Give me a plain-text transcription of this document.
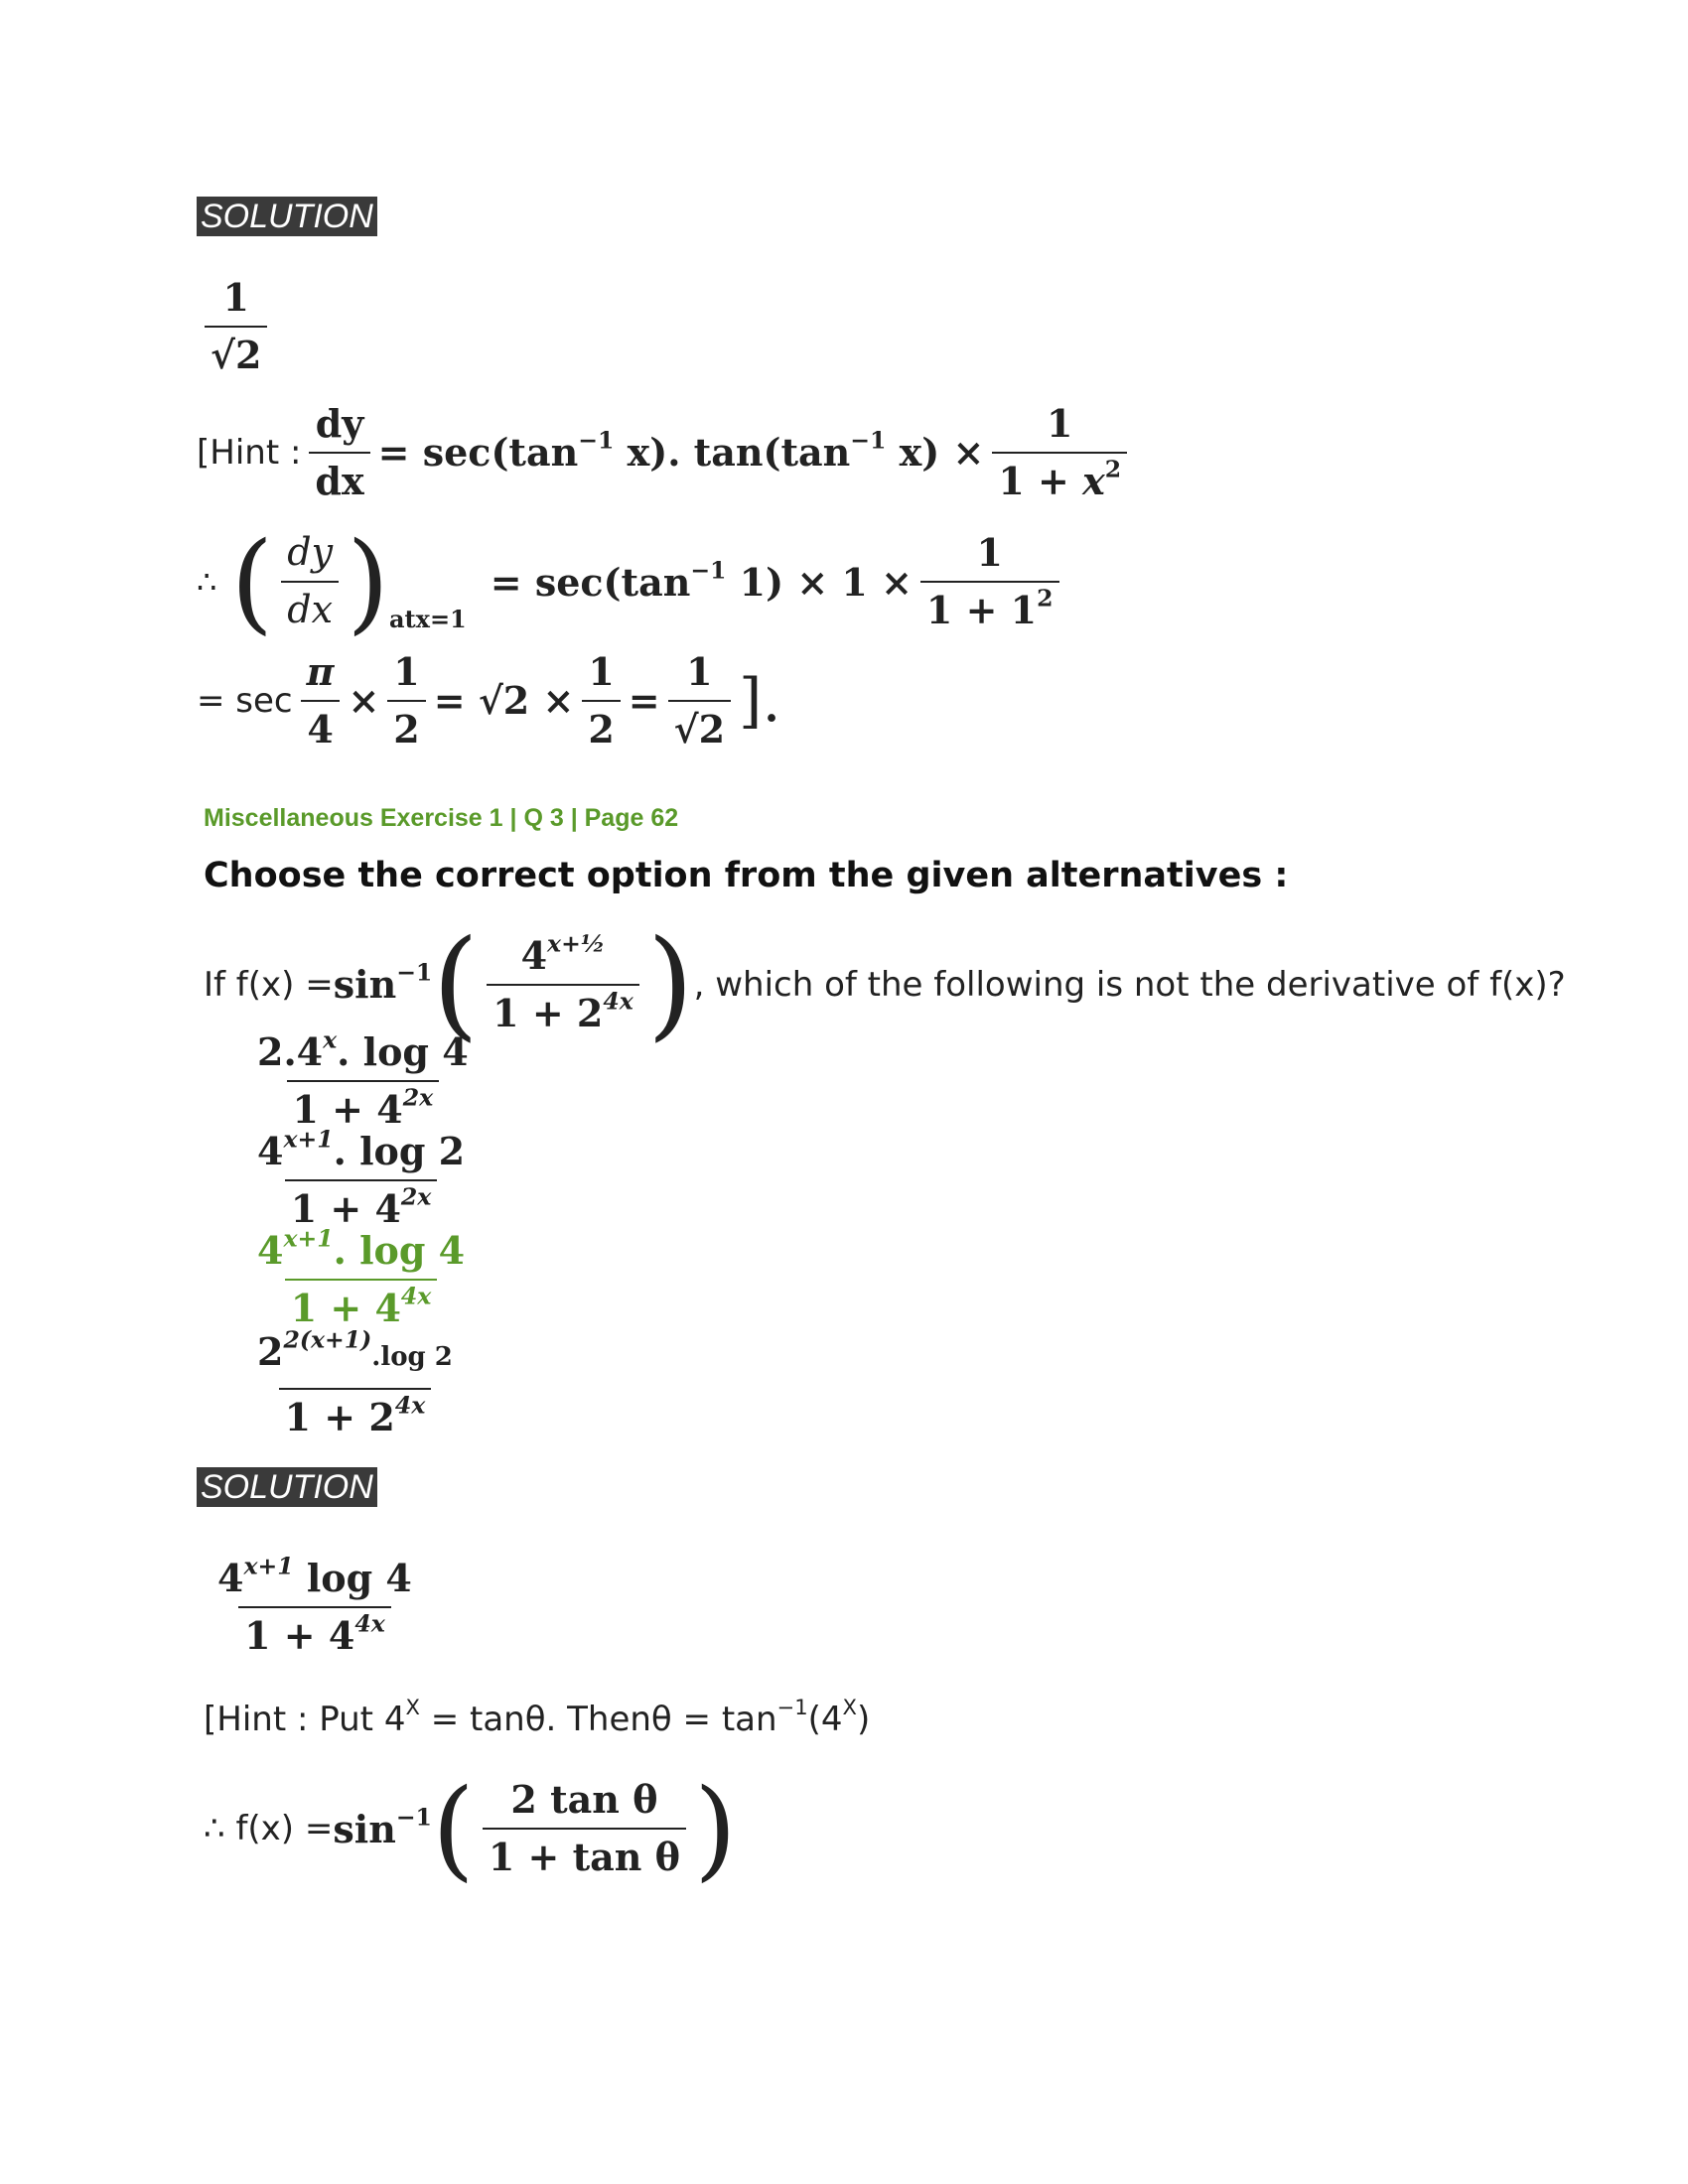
SOLUTION
$\frac{1}{√2}$
[Hint : $\frac{dy}{dx} = \sec(\tan^{-1}$ x). $\tan(\tan^{-1}$ $x) \times \frac{1}{1 + x^2}$
∴ ( $\frac{dy}{dx}$ ) atx=1
= $\sec(\tan^{-1}$ $1) \times 1 \times \frac{1}{1 + 1^2}$
= $\sec \frac{\pi}{4} \times \frac{1}{2} = √2 \times \frac{1}{2} = \frac{1}{√2}$ ].
Miscellaneous Exercise 1 | Q 3 | Page 62
Choose the correct option from the given alternatives :
If $f(x) = \sin^{-1}$ ( $\frac{4^{x+\frac{1}{2}}}{1 + 2^{4x}}$ ) , which of the following is not the derivative of f(x)?
$\frac{2.4^x. \log 4}{1 + 4^{2x}}$
$\frac{4^{x+1}. \log 2}{1 + 4^{2x}}$
$\frac{4^{x+1}. \log 4}{1 + 4^{4x}}$
$\frac{2^{2(x+1)}.\log 2}{1 + 2^{4x}}$
SOLUTION
$\frac{4^{x+1} \log 4}{1 + 4^{4x}}$
[Hint : Put $4^X = \tan\theta$. Thenθ = $\tan^{-1}(4^X)$
∴ $f(x) = \sin^{-1}$ ( $\frac{\text{2 tan θ}}{\text{1 + tan θ}}$ )
